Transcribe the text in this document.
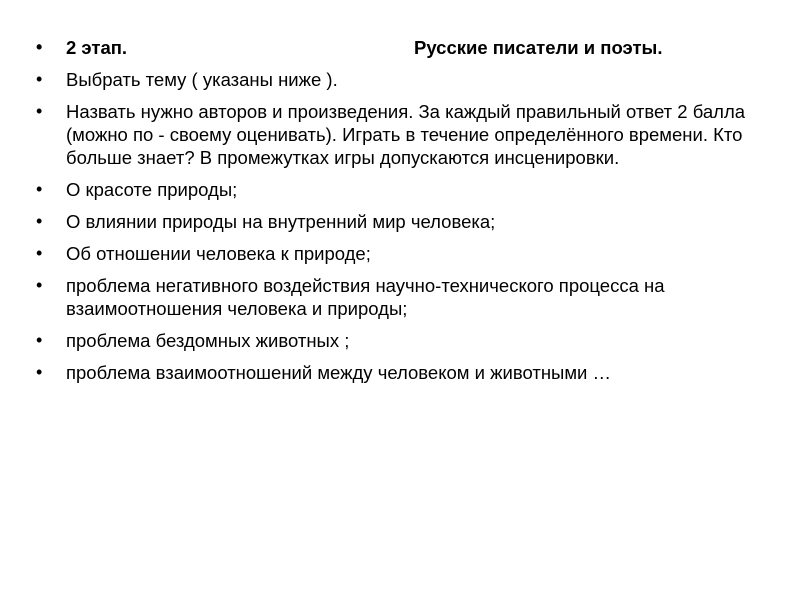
• 2 этап.	Русские писатели и поэты.
• Выбрать тему ( указаны ниже ).
• Назвать нужно авторов и произведения. За каждый правильный ответ 2 балла (можно по - своему оценивать). Играть в течение определённого времени. Кто больше знает? В промежутках игры допускаются инсценировки.
• О красоте природы;
• О влиянии природы на внутренний мир человека;
• Об отношении человека к природе;
• проблема негативного воздействия научно-технического процесса на взаимоотношения человека и природы;
• проблема бездомных животных ;
• проблема взаимоотношений между человеком и животными …
